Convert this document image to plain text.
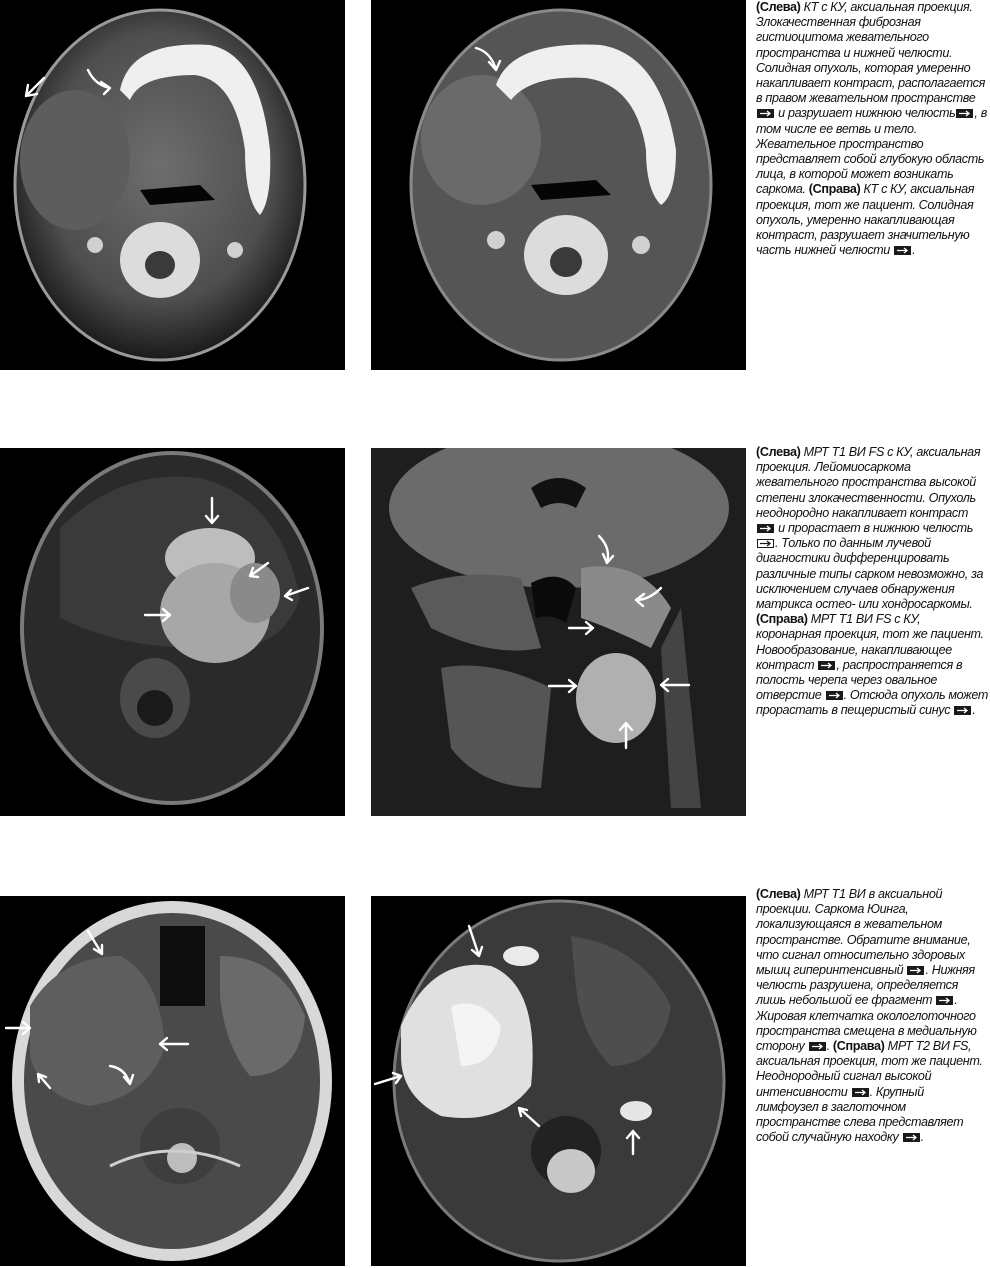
(Слева) КТ с КУ, аксиальная проекция. Злокачественная фиброзная гистиоцитома жевательного пространства и нижней челюсти. Солидная опухоль, которая умеренно накапливает контраст, располагается в правом жевательном пространстве
и разрушает нижнюю челюсть , в том числе ее ветвь и тело. Жевательное пространство представляет собой глубокую область лица, в которой может возникать саркома. (Справа) КТ с КУ, аксиальная проекция, тот же пациент. Солидная опухоль, умеренно накапливающая контраст, разрушает значительную часть нижней челюсти .
(Слева) МРТ Т1 ВИ FS с КУ, аксиальная проекция. Лейомиосаркома жевательного пространства высокой степени злокачественности. Опухоль неоднородно накапливает контраст
и прорастает в нижнюю челюсть
. Только по данным лучевой диагностики дифференцировать различные типы сарком невозможно, за исключением случаев обнаружения матрикса остео- или хондросаркомы. (Справа) МРТ Т1 ВИ FS с КУ, коронарная проекция, тот же пациент. Новообразование, накапливающее контраст , распространяется в полость черепа через овальное отверстие . Отсюда опухоль может прорастать в пещеристый синус .
(Слева) МРТ Т1 ВИ в аксиальной проекции. Саркома Юинга, локализующаяся в жевательном пространстве. Обратите внимание, что сигнал относительно здоровых мышц гиперинтенсивный . Нижняя челюсть разрушена, определяется лишь небольшой ее фрагмент . Жировая клетчатка окологлоточного пространства смещена в медиальную сторону . (Справа) МРТ Т2 ВИ FS, аксиальная проекция, тот же пациент. Неоднородный сигнал высокой интенсивности . Крупный лимфоузел в заглоточном пространстве слева представляет собой случайную находку .
